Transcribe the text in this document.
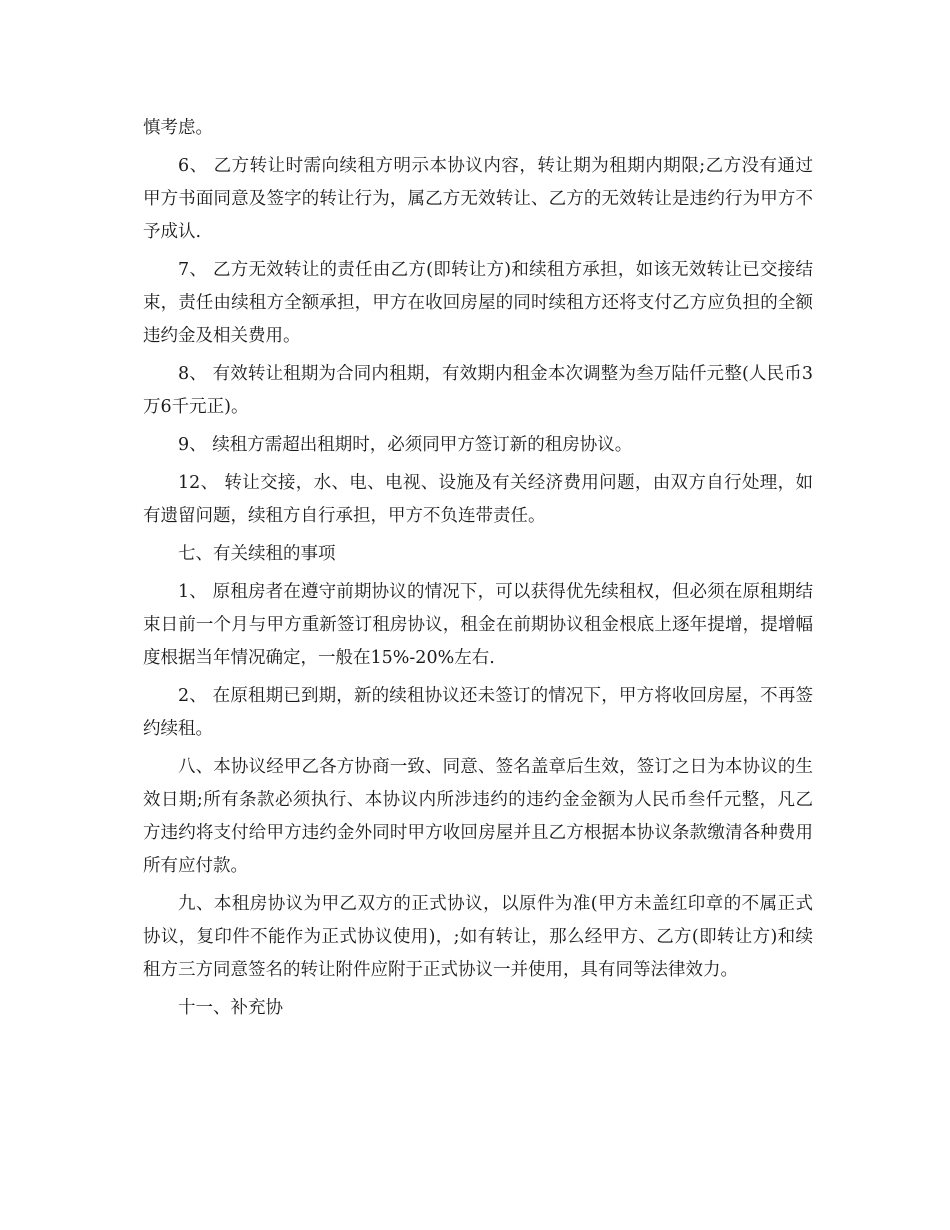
慎考虑。

6、 乙方转让时需向续租方明示本协议内容，转让期为租期内期限;乙方没有通过甲方书面同意及签字的转让行为，属乙方无效转让、乙方的无效转让是违约行为甲方不予成认.

7、 乙方无效转让的责任由乙方(即转让方)和续租方承担，如该无效转让已交接结束，责任由续租方全额承担，甲方在收回房屋的同时续租方还将支付乙方应负担的全额违约金及相关费用。

8、 有效转让租期为合同内租期，有效期内租金本次调整为叁万陆仟元整(人民币3万6千元正)。

9、 续租方需超出租期时，必须同甲方签订新的租房协议。

12、 转让交接，水、电、电视、设施及有关经济费用问题，由双方自行处理，如有遗留问题，续租方自行承担，甲方不负连带责任。

七、有关续租的事项

1、 原租房者在遵守前期协议的情况下，可以获得优先续租权，但必须在原租期结束日前一个月与甲方重新签订租房协议，租金在前期协议租金根底上逐年提增，提增幅度根据当年情况确定，一般在15%-20%左右.

2、 在原租期已到期，新的续租协议还未签订的情况下，甲方将收回房屋，不再签约续租。

八、本协议经甲乙各方协商一致、同意、签名盖章后生效，签订之日为本协议的生效日期;所有条款必须执行、本协议内所涉违约的违约金金额为人民币叁仟元整，凡乙方违约将支付给甲方违约金外同时甲方收回房屋并且乙方根据本协议条款缴清各种费用所有应付款。

九、本租房协议为甲乙双方的正式协议，以原件为准(甲方未盖红印章的不属正式协议，复印件不能作为正式协议使用)，;如有转让，那么经甲方、乙方(即转让方)和续租方三方同意签名的转让附件应附于正式协议一并使用，具有同等法律效力。

十一、补充协
